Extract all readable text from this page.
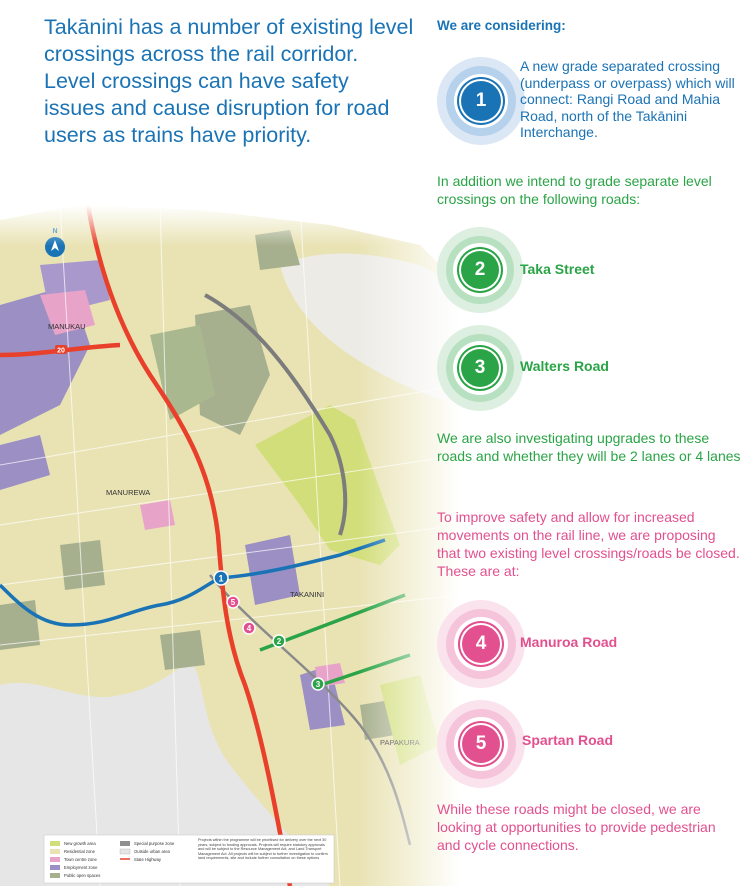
Takānini has a number of existing level crossings across the rail corridor. Level crossings can have safety issues and cause disruption for road users as trains have priority.
New growth area
Residential zone
Town centre zone
Employment zone
Public open spaces
Special purpose zone
Outside urban area
State Highway
Projects within the programme will be prioritised for delivery over the next 30 years, subject to funding approvals. Projects will require statutory approvals and will be subject to the Resource Management Act, and Land Transport Management Act. All projects will be subject to further investigation to confirm land requirements, site and include further consultation on these options
We are considering:
1
A new grade separated crossing (underpass or overpass) which will connect: Rangi Road and Mahia Road, north of the Takānini Interchange.
In addition we intend to grade separate level crossings on the following roads:
2	Taka Street
3	Walters Road
We are also investigating upgrades to these roads and whether they will be 2 lanes or 4 lanes
To improve safety and allow for increased movements on the rail line, we are proposing that two existing level crossings/roads be closed. These are at:
4	Manuroa Road
5	Spartan Road
While these roads might be closed, we are looking at opportunities to provide pedestrian and cycle connections.
